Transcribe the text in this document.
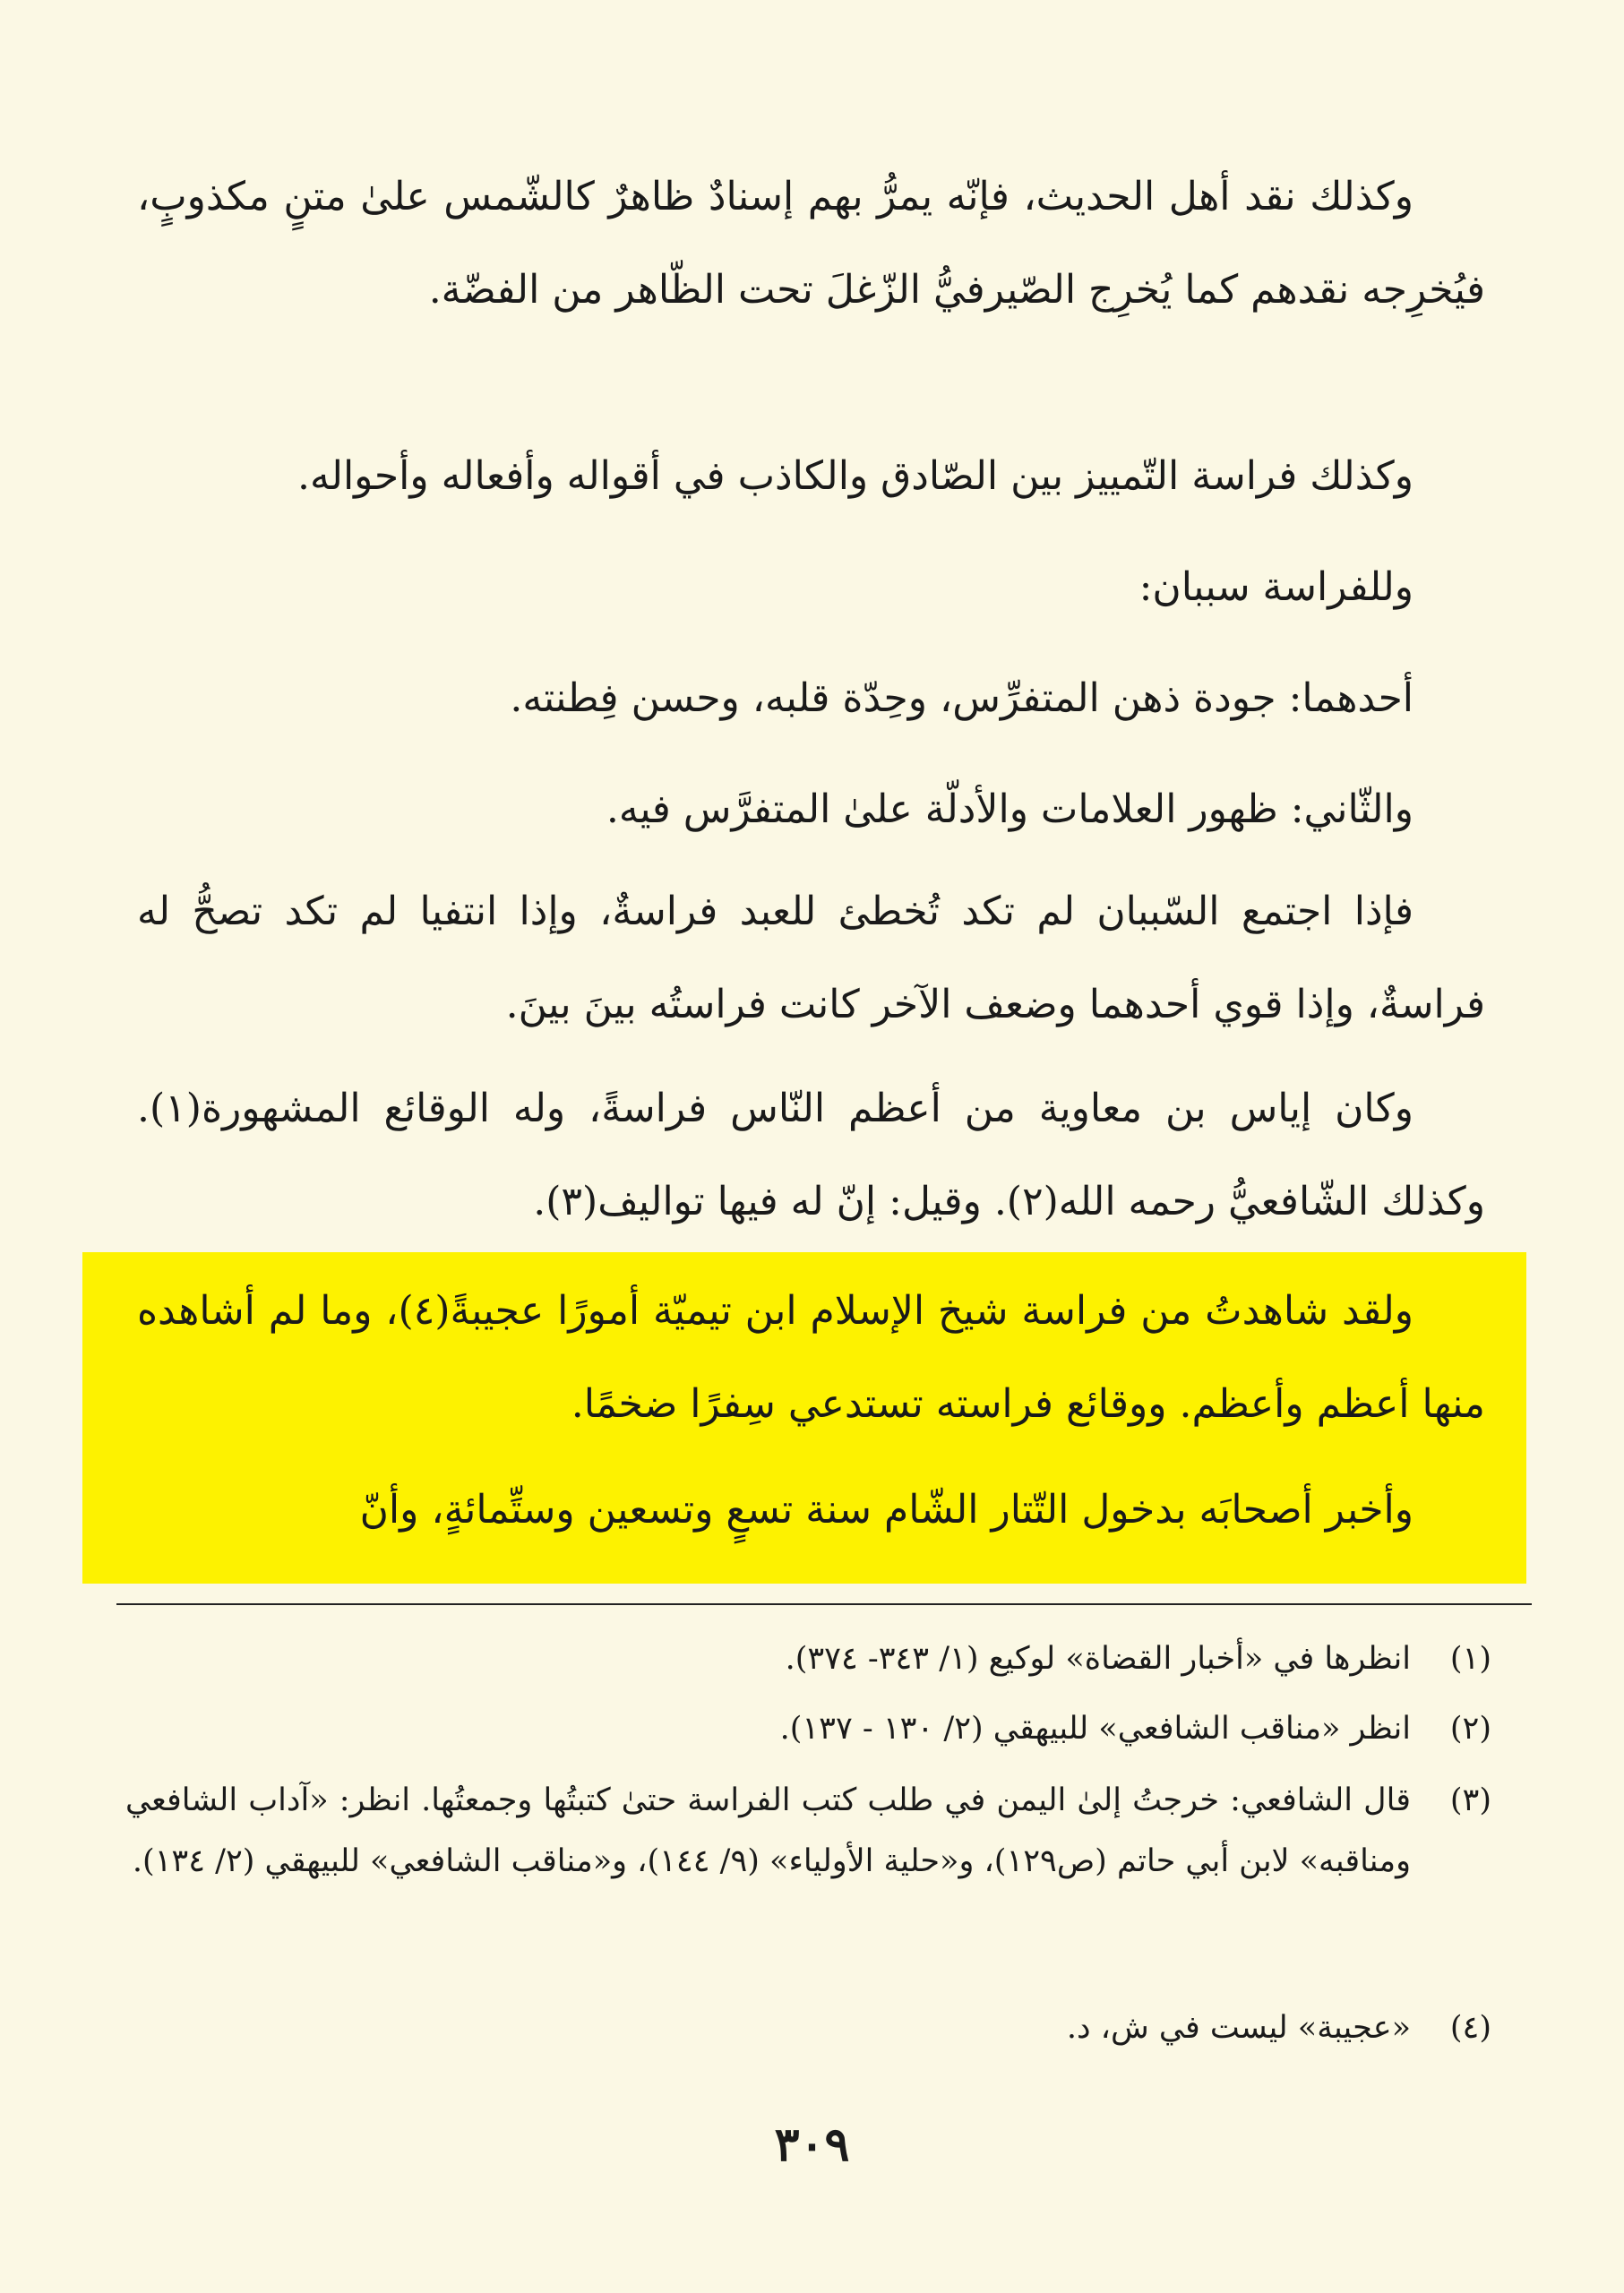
وكذلك نقد أهل الحديث، فإنّه يمرُّ بهم إسنادٌ ظاهرٌ كالشّمس علىٰ متنٍ مكذوبٍ، فيُخرِجه نقدهم كما يُخرِج الصّيرفيُّ الزّغلَ تحت الظّاهر من الفضّة.

وكذلك فراسة التّمييز بين الصّادق والكاذب في أقواله وأفعاله وأحواله.

وللفراسة سببان:

أحدهما: جودة ذهن المتفرِّس، وحِدّة قلبه، وحسن فِطنته.

والثّاني: ظهور العلامات والأدلّة علىٰ المتفرَّس فيه.

فإذا اجتمع السّببان لم تكد تُخطئ للعبد فراسةٌ، وإذا انتفيا لم تكد تصحُّ له فراسةٌ، وإذا قوي أحدهما وضعف الآخر كانت فراستُه بينَ بينَ.

وكان إياس بن معاوية من أعظم النّاس فراسةً، وله الوقائع المشهورة(١). وكذلك الشّافعيُّ رحمه الله(٢). وقيل: إنّ له فيها تواليف(٣).

ولقد شاهدتُ من فراسة شيخ الإسلام ابن تيميّة أمورًا عجيبةً(٤)، وما لم أشاهده منها أعظم وأعظم. ووقائع فراسته تستدعي سِفرًا ضخمًا.

وأخبر أصحابَه بدخول التّتار الشّام سنة تسعٍ وتسعين وستِّمائةٍ، وأنّ

(١)
انظرها في «أخبار القضاة» لوكيع (١/ ٣٤٣- ٣٧٤).
(٢)
انظر «مناقب الشافعي» للبيهقي (٢/ ١٣٠ - ١٣٧).
(٣)
قال الشافعي: خرجتُ إلىٰ اليمن في طلب كتب الفراسة حتىٰ كتبتُها وجمعتُها. انظر: «آداب الشافعي ومناقبه» لابن أبي حاتم (ص١٢٩)، و«حلية الأولياء» (٩/ ١٤٤)، و«مناقب الشافعي» للبيهقي (٢/ ١٣٤).
(٤)
«عجيبة» ليست في ش، د.
٣٠٩
